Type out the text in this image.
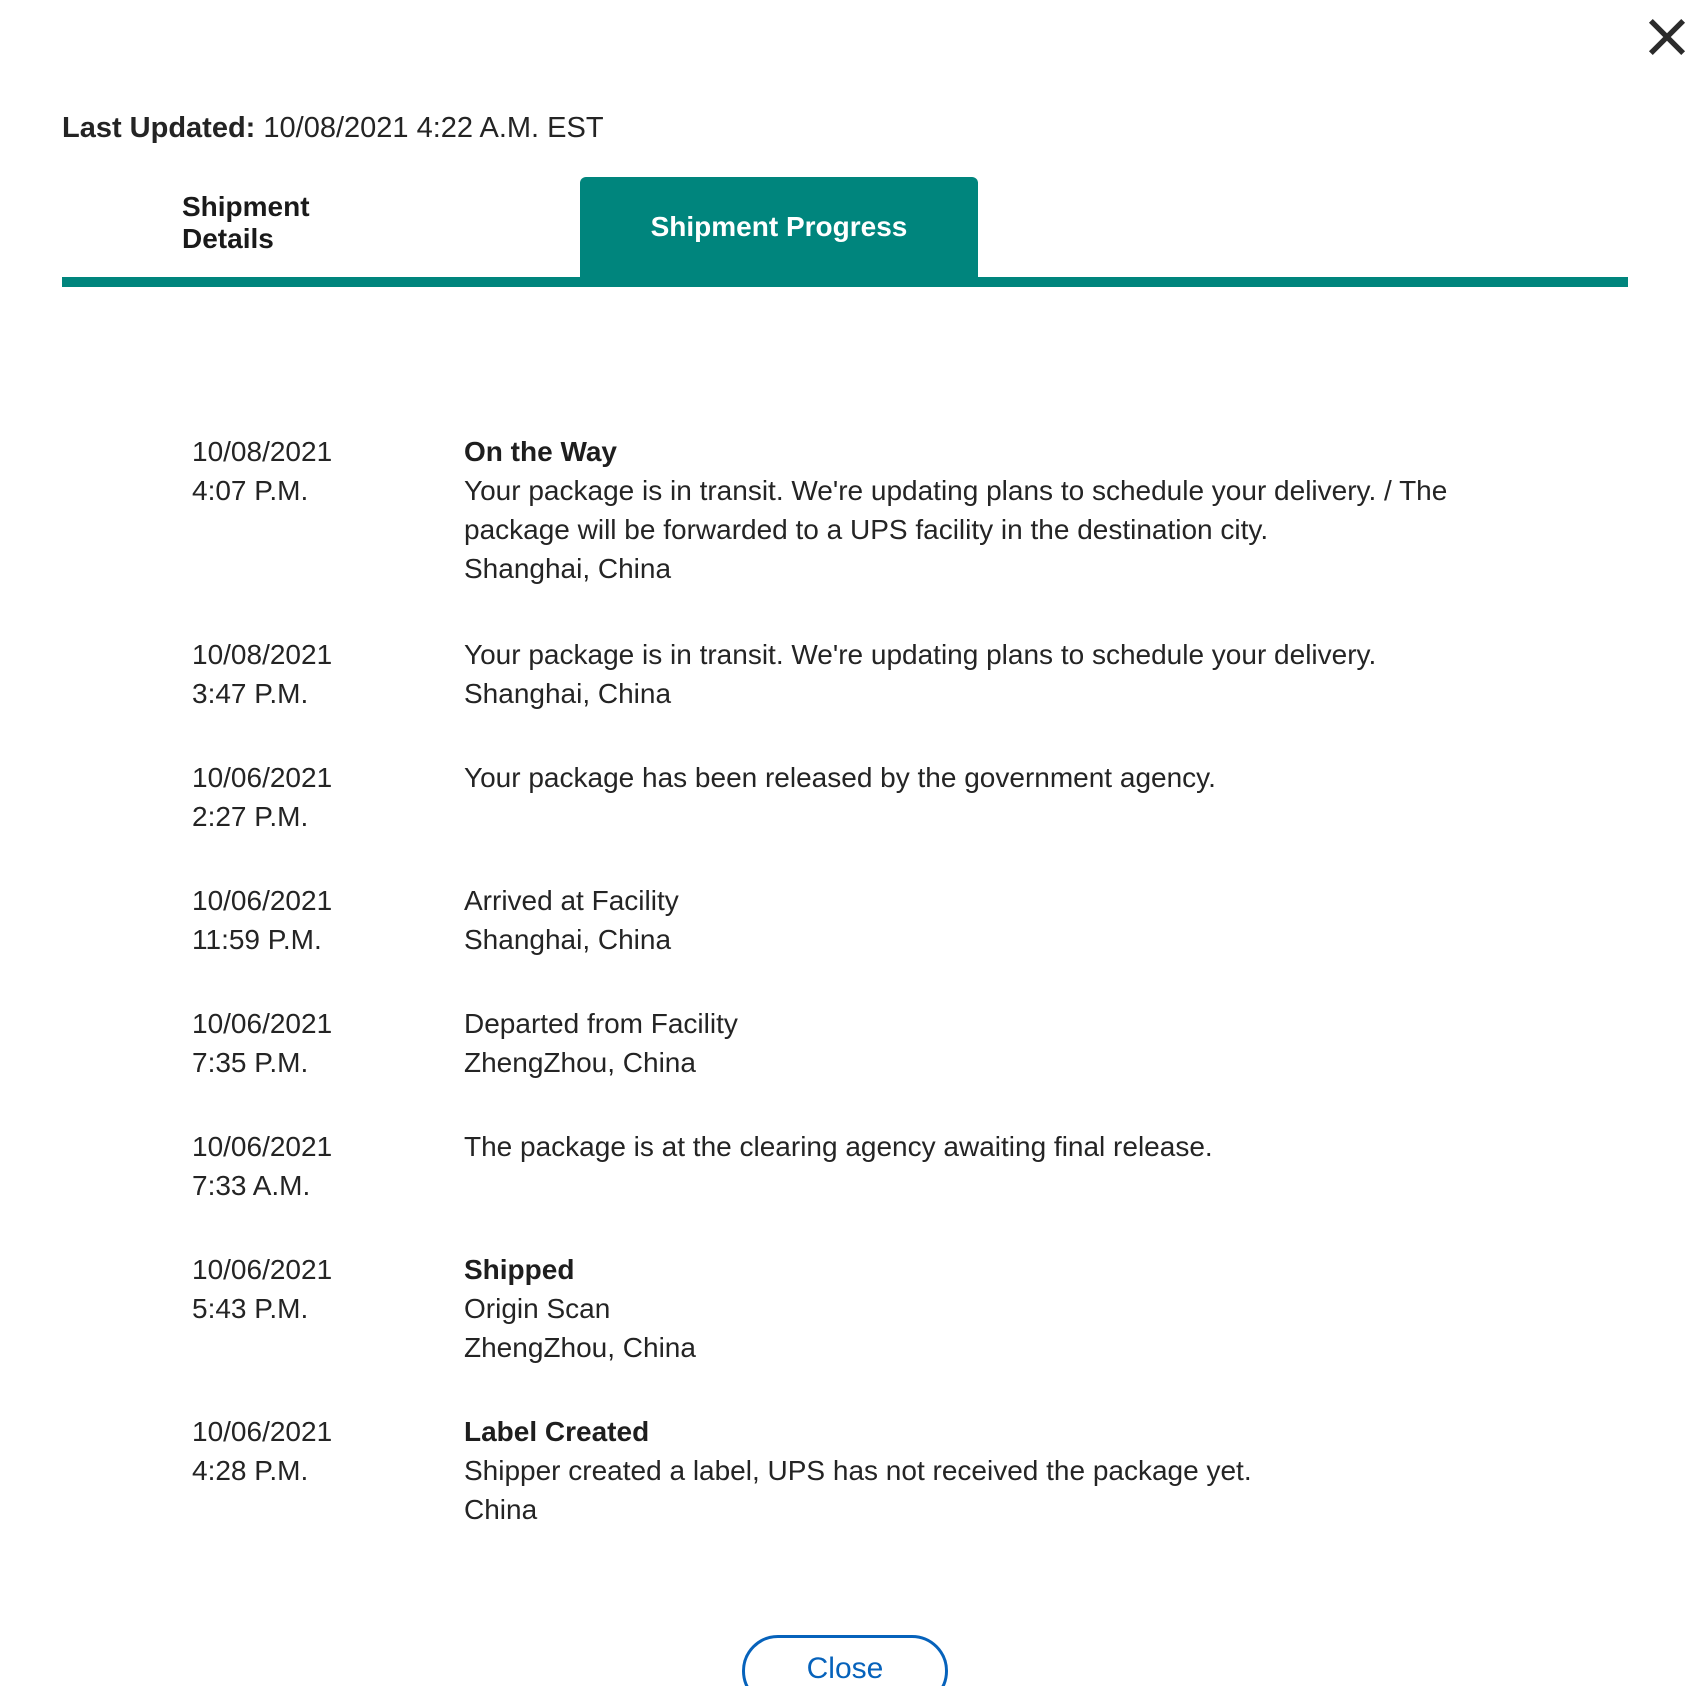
Last Updated: 10/08/2021 4:22 A.M. EST
Shipment Details	Shipment Progress
10/08/2021
4:07 P.M.
On the Way
Your package is in transit. We're updating plans to schedule your delivery. / The package will be forwarded to a UPS facility in the destination city.
Shanghai, China
10/08/2021
3:47 P.M.
Your package is in transit. We're updating plans to schedule your delivery.
Shanghai, China
10/06/2021
2:27 P.M.
Your package has been released by the government agency.
10/06/2021
11:59 P.M.
Arrived at Facility
Shanghai, China
10/06/2021
7:35 P.M.
Departed from Facility
ZhengZhou, China
10/06/2021
7:33 A.M.
The package is at the clearing agency awaiting final release.
10/06/2021
5:43 P.M.
Shipped
Origin Scan
ZhengZhou, China
10/06/2021
4:28 P.M.
Label Created
Shipper created a label, UPS has not received the package yet.
China
Close
